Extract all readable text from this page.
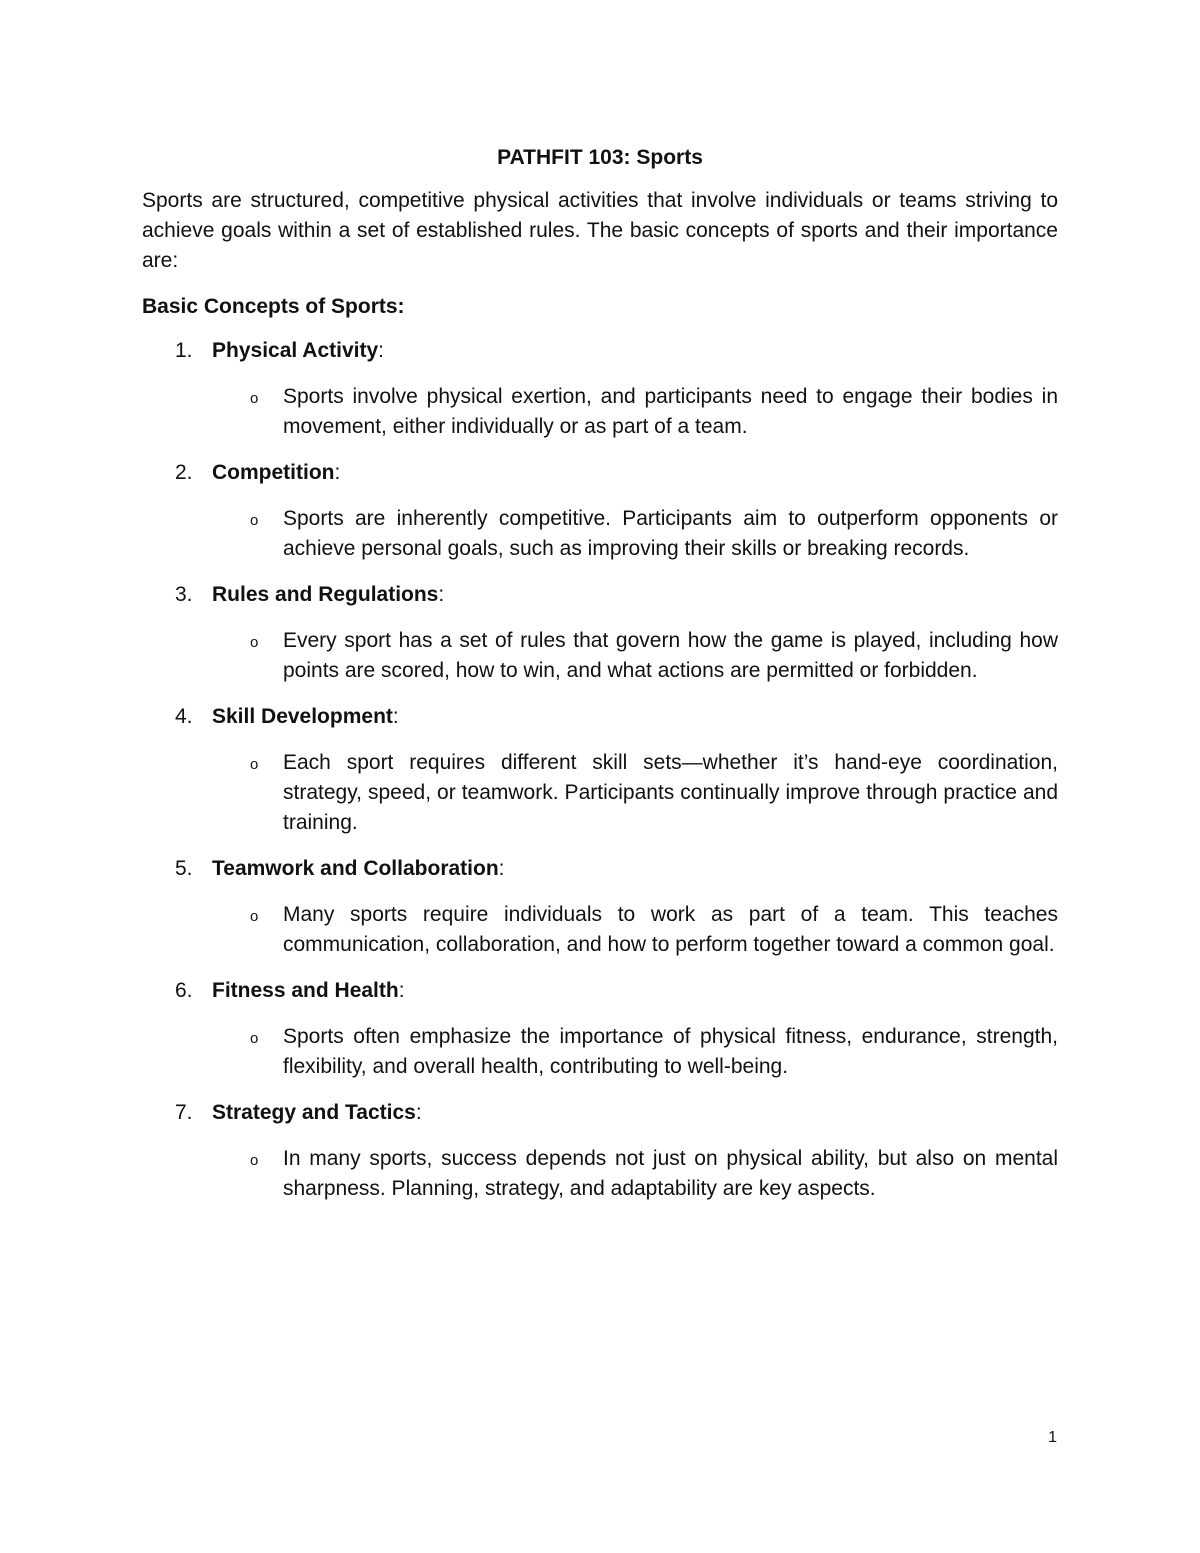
PATHFIT 103: Sports

Sports are structured, competitive physical activities that involve individuals or teams striving to achieve goals within a set of established rules. The basic concepts of sports and their importance are:

Basic Concepts of Sports:

1. Physical Activity:

o Sports involve physical exertion, and participants need to engage their bodies in movement, either individually or as part of a team.

2. Competition:

o Sports are inherently competitive. Participants aim to outperform opponents or achieve personal goals, such as improving their skills or breaking records.

3. Rules and Regulations:

o Every sport has a set of rules that govern how the game is played, including how points are scored, how to win, and what actions are permitted or forbidden.

4. Skill Development:

o Each sport requires different skill sets—whether it’s hand-eye coordination, strategy, speed, or teamwork. Participants continually improve through practice and training.

5. Teamwork and Collaboration:

o Many sports require individuals to work as part of a team. This teaches communication, collaboration, and how to perform together toward a common goal.

6. Fitness and Health:

o Sports often emphasize the importance of physical fitness, endurance, strength, flexibility, and overall health, contributing to well-being.

7. Strategy and Tactics:

o In many sports, success depends not just on physical ability, but also on mental sharpness. Planning, strategy, and adaptability are key aspects.

1
